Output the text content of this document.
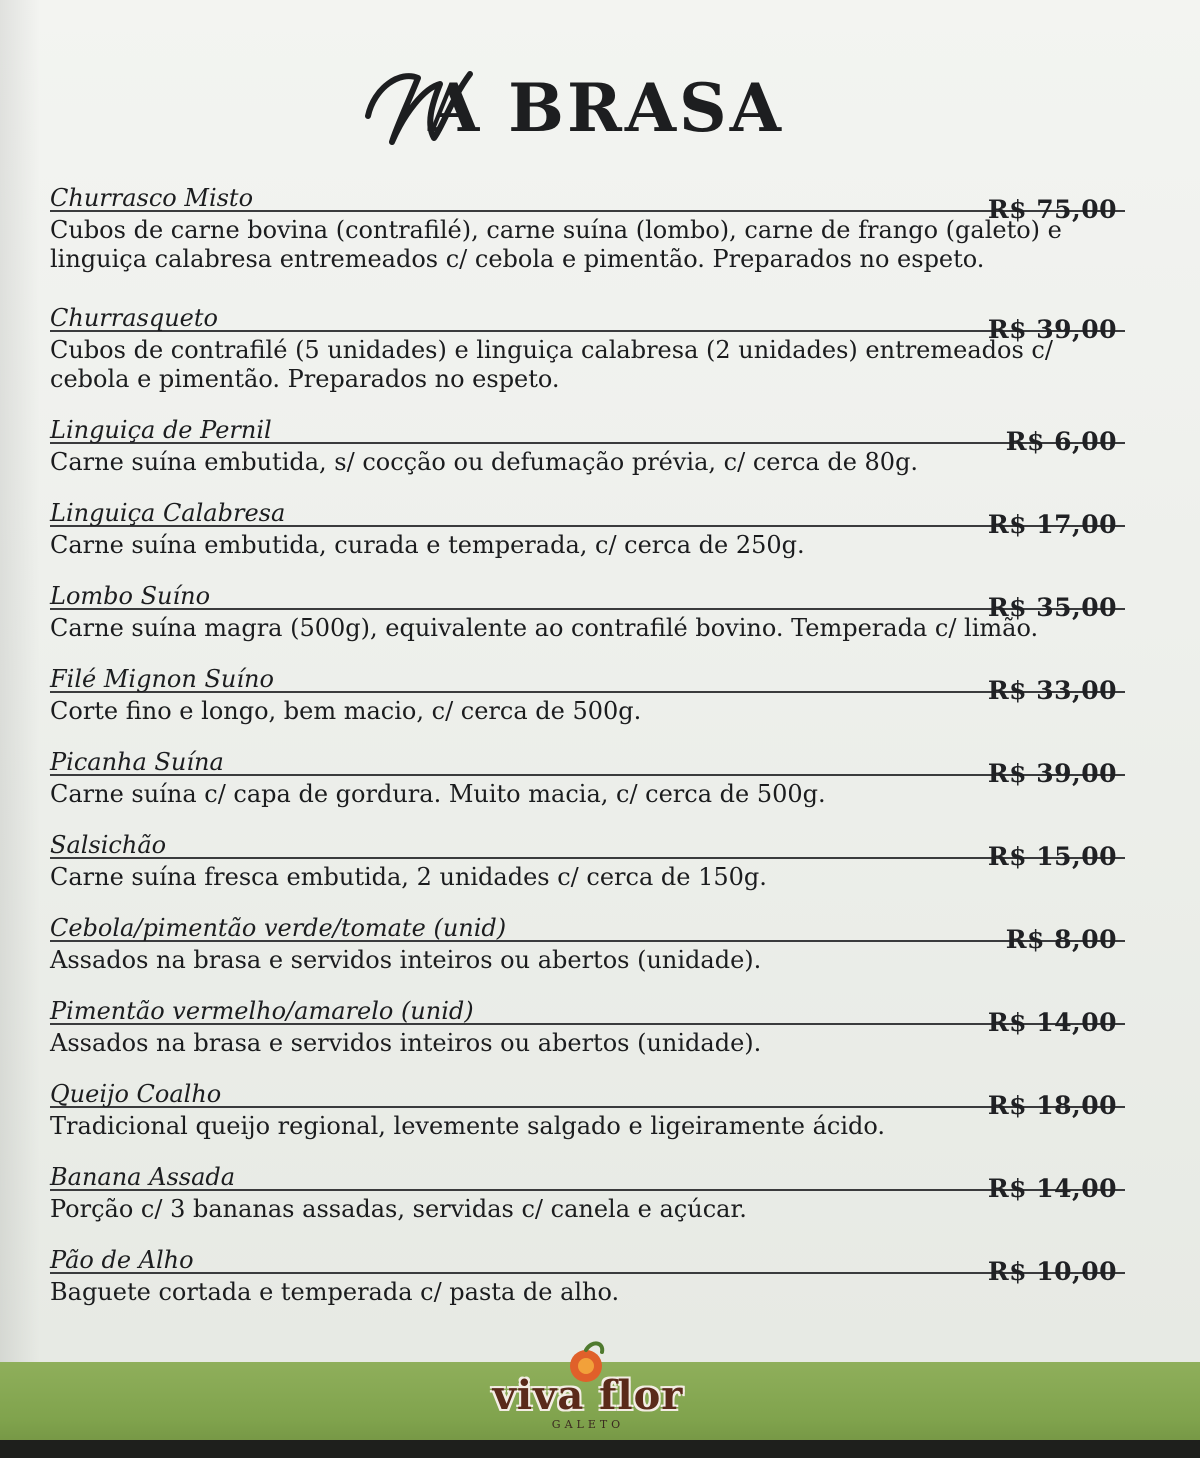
A BRASA
Churrasco Misto	R$ 75,00
Cubos de carne bovina (contrafilé), carne suína (lombo), carne de frango (galeto) e linguiça calabresa entremeados c/ cebola e pimentão. Preparados no espeto.
Churrasqueto	R$ 39,00
Cubos de contrafilé (5 unidades) e linguiça calabresa (2 unidades) entremeados c/ cebola e pimentão. Preparados no espeto.
Linguiça de Pernil	R$ 6,00
Carne suína embutida, s/ cocção ou defumação prévia, c/ cerca de 80g.
Linguiça Calabresa	R$ 17,00
Carne suína embutida, curada e temperada, c/ cerca de 250g.
Lombo Suíno	R$ 35,00
Carne suína magra (500g), equivalente ao contrafilé bovino. Temperada c/ limão.
Filé Mignon Suíno	R$ 33,00
Corte fino e longo, bem macio, c/ cerca de 500g.
Picanha Suína	R$ 39,00
Carne suína c/ capa de gordura. Muito macia, c/ cerca de 500g.
Salsichão	R$ 15,00
Carne suína fresca embutida, 2 unidades c/ cerca de 150g.
Cebola/pimentão verde/tomate (unid)	R$ 8,00
Assados na brasa e servidos inteiros ou abertos (unidade).
Pimentão vermelho/amarelo (unid)	R$ 14,00
Assados na brasa e servidos inteiros ou abertos (unidade).
Queijo Coalho	R$ 18,00
Tradicional queijo regional, levemente salgado e ligeiramente ácido.
Banana Assada	R$ 14,00
Porção c/ 3 bananas assadas, servidas c/ canela e açúcar.
Pão de Alho	R$ 10,00
Baguete cortada e temperada c/ pasta de alho.
viva flor
GALETO
